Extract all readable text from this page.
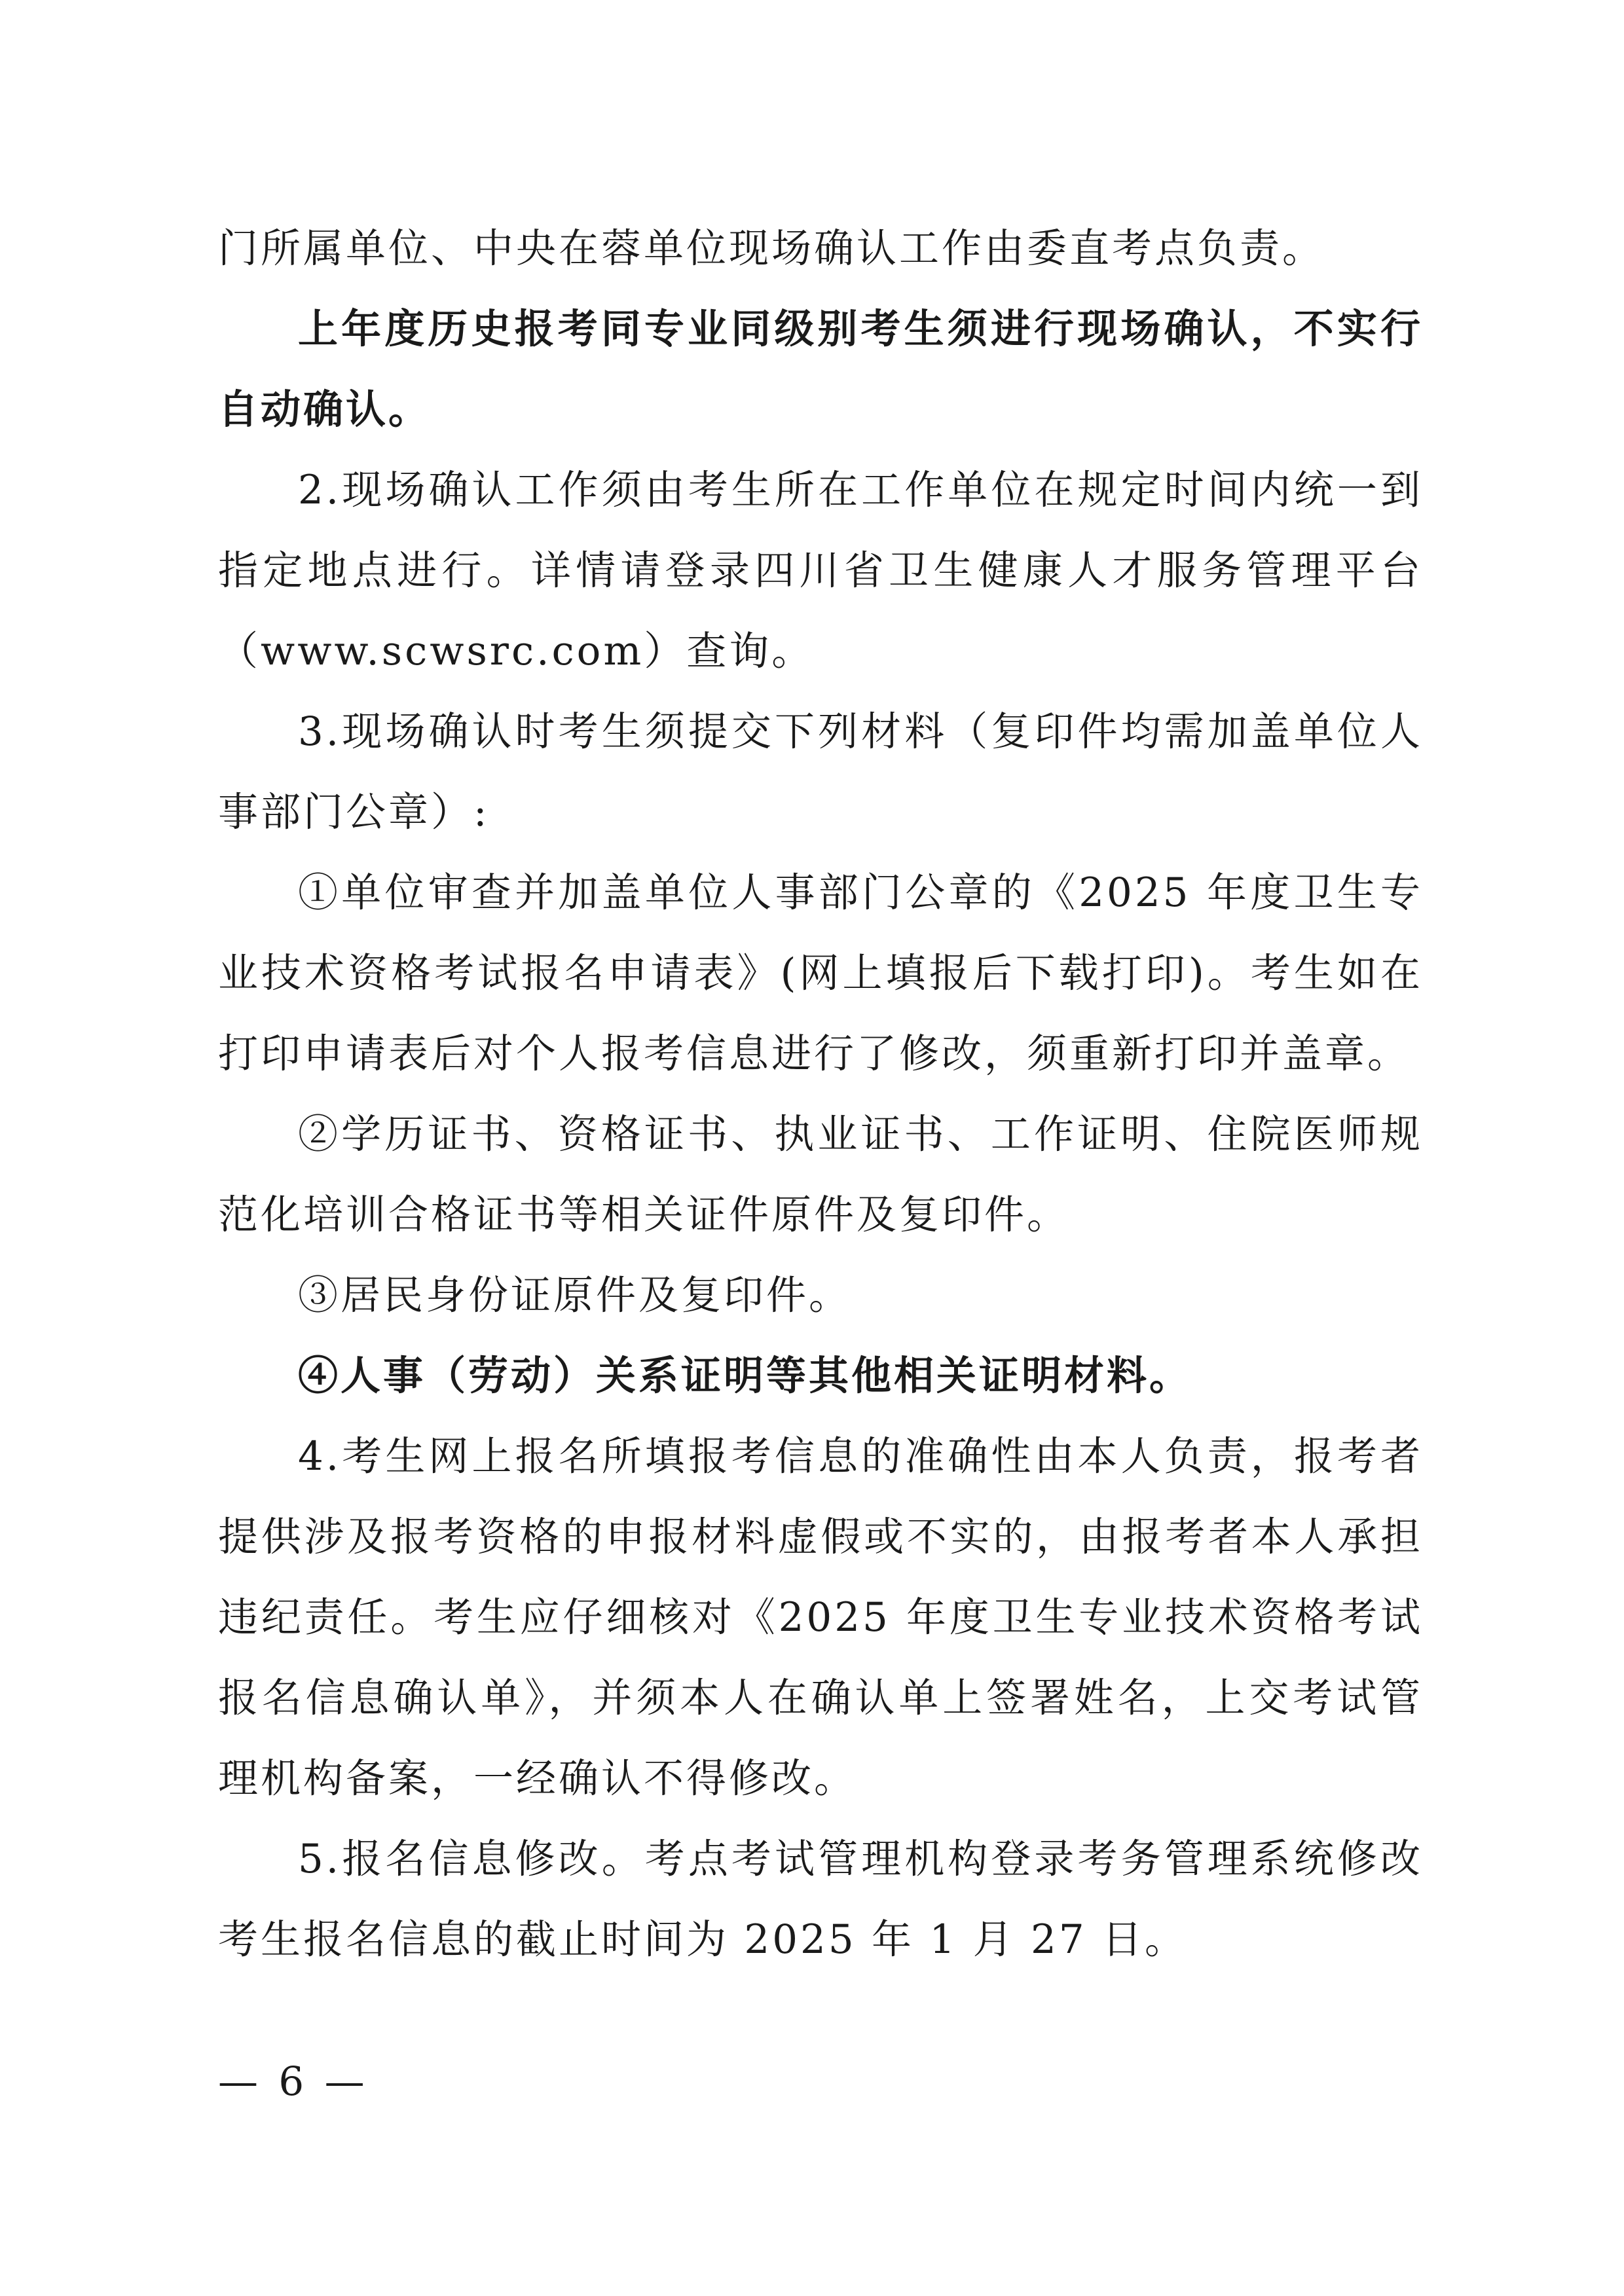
门所属单位、中央在蓉单位现场确认工作由委直考点负责。

上年度历史报考同专业同级别考生须进行现场确认，不实行自动确认。

2.现场确认工作须由考生所在工作单位在规定时间内统一到指定地点进行。详情请登录四川省卫生健康人才服务管理平台（www.scwsrc.com）查询。

3.现场确认时考生须提交下列材料（复印件均需加盖单位人事部门公章）:

①单位审查并加盖单位人事部门公章的《2025 年度卫生专业技术资格考试报名申请表》(网上填报后下载打印)。考生如在打印申请表后对个人报考信息进行了修改，须重新打印并盖章。

②学历证书、资格证书、执业证书、工作证明、住院医师规范化培训合格证书等相关证件原件及复印件。

③居民身份证原件及复印件。

④人事（劳动）关系证明等其他相关证明材料。

4.考生网上报名所填报考信息的准确性由本人负责，报考者提供涉及报考资格的申报材料虚假或不实的，由报考者本人承担违纪责任。考生应仔细核对《2025 年度卫生专业技术资格考试报名信息确认单》，并须本人在确认单上签署姓名，上交考试管理机构备案，一经确认不得修改。

5.报名信息修改。考点考试管理机构登录考务管理系统修改考生报名信息的截止时间为 2025 年 1 月 27 日。

— 6 —
